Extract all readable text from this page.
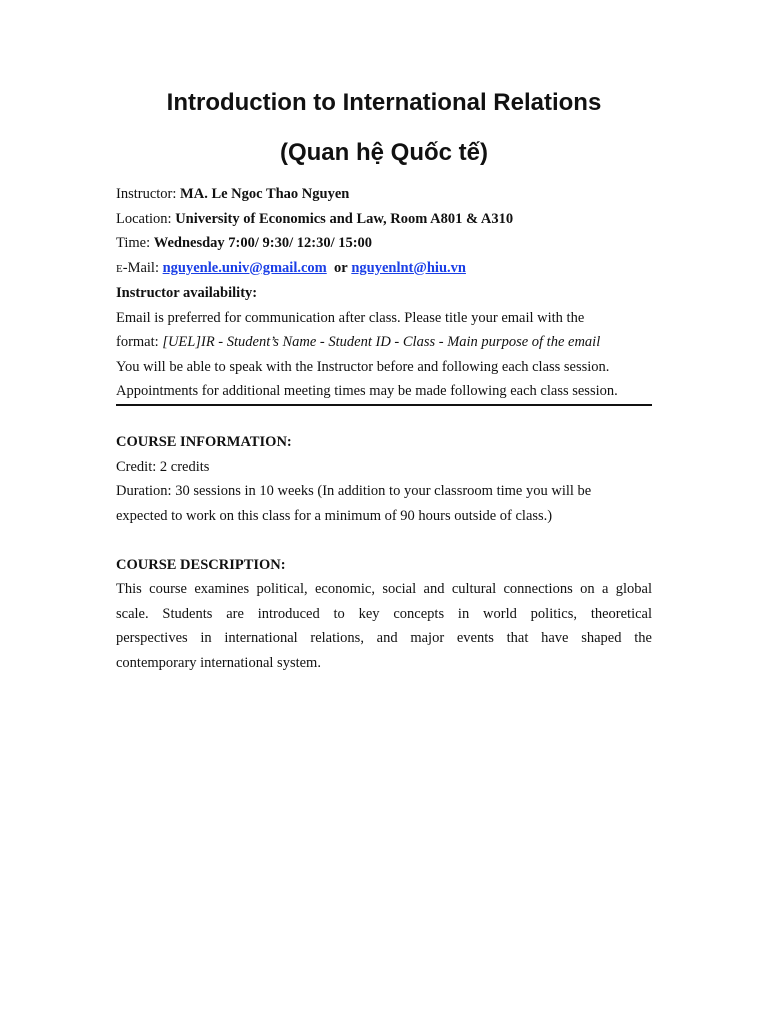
Introduction to International Relations
(Quan hệ Quốc tế)
Instructor: MA. Le Ngoc Thao Nguyen
Location: University of Economics and Law, Room A801 & A310
Time: Wednesday 7:00/ 9:30/ 12:30/ 15:00
E-Mail: nguyenle.univ@gmail.com or nguyenlnt@hiu.vn
Instructor availability:
Email is preferred for communication after class. Please title your email with the
format: [UEL]IR - Student’s Name - Student ID - Class - Main purpose of the email
You will be able to speak with the Instructor before and following each class session.
Appointments for additional meeting times may be made following each class session.
COURSE INFORMATION:
Credit: 2 credits
Duration: 30 sessions in 10 weeks (In addition to your classroom time you will be
expected to work on this class for a minimum of 90 hours outside of class.)
COURSE DESCRIPTION:
This course examines political, economic, social and cultural connections on a global
scale. Students are introduced to key concepts in world politics, theoretical
perspectives in international relations, and major events that have shaped the
contemporary international system.
